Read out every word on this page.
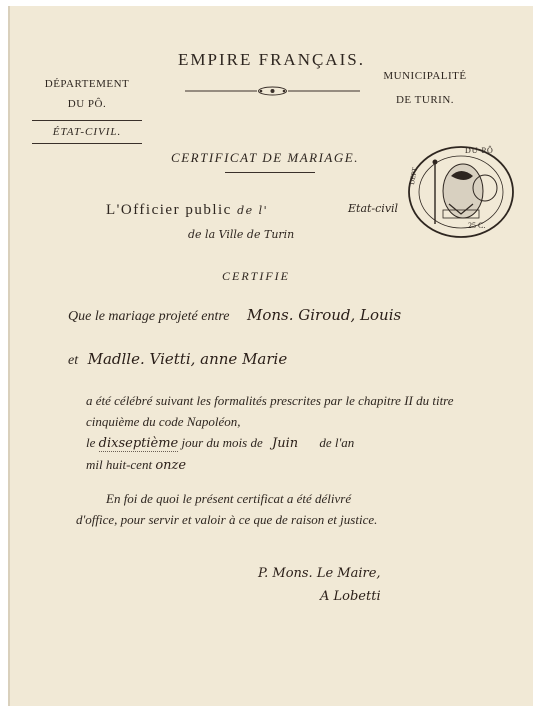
EMPIRE FRANÇAIS.
DÉPARTEMENT
DU PÔ.
ÉTAT-CIVIL.
MUNICIPALITÉ
DE TURIN.
CERTIFICAT DE MARIAGE.
L'Officier public de l'	Etat-civil
de la Ville de Turin
CERTIFIE
Que le mariage projeté entre Mons. Giroud, Louis
et Madlle. Vietti, anne Marie
a été célébré suivant les formalités prescrites par le chapitre II du titre cinquième du code Napoléon,
le dixseptième jour du mois de Juin de l'an
mil huit-cent onze
En foi de quoi le présent certificat a été délivré
d'office, pour servir et valoir à ce que de raison et justice.
P. Mons. Le Maire,
A Lobetti
DU PÔ
DEPT
25 C.
